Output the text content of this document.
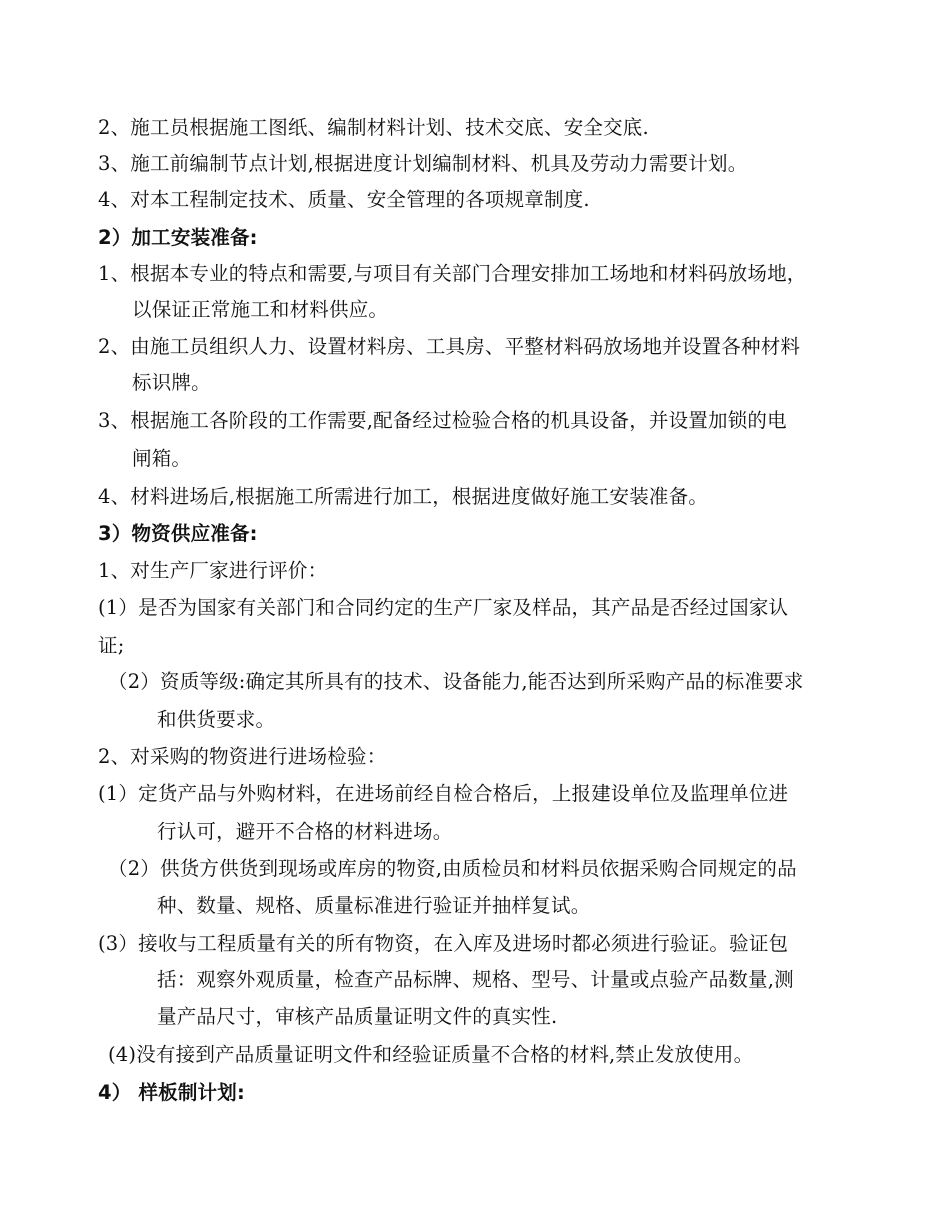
2、施工员根据施工图纸、编制材料计划、技术交底、安全交底.
3、施工前编制节点计划,根据进度计划编制材料、机具及劳动力需要计划。
4、对本工程制定技术、质量、安全管理的各项规章制度.
2）加工安装准备:
1、根据本专业的特点和需要,与项目有关部门合理安排加工场地和材料码放场地，
以保证正常施工和材料供应。
2、由施工员组织人力、设置材料房、工具房、平整材料码放场地并设置各种材料
标识牌。
3、根据施工各阶段的工作需要,配备经过检验合格的机具设备，并设置加锁的电
闸箱。
4、材料进场后,根据施工所需进行加工，根据进度做好施工安装准备。
3）物资供应准备:
1、对生产厂家进行评价：
(1）是否为国家有关部门和合同约定的生产厂家及样品，其产品是否经过国家认
证;
（2）资质等级:确定其所具有的技术、设备能力,能否达到所采购产品的标准要求
和供货要求。
2、对采购的物资进行进场检验：
(1）定货产品与外购材料，在进场前经自检合格后，上报建设单位及监理单位进
行认可，避开不合格的材料进场。
（2）供货方供货到现场或库房的物资,由质检员和材料员依据采购合同规定的品
种、数量、规格、质量标准进行验证并抽样复试。
(3）接收与工程质量有关的所有物资，在入库及进场时都必须进行验证。验证包
括：观察外观质量，检查产品标牌、规格、型号、计量或点验产品数量,测
量产品尺寸，审核产品质量证明文件的真实性.
(4)没有接到产品质量证明文件和经验证质量不合格的材料,禁止发放使用。
4） 样板制计划:
